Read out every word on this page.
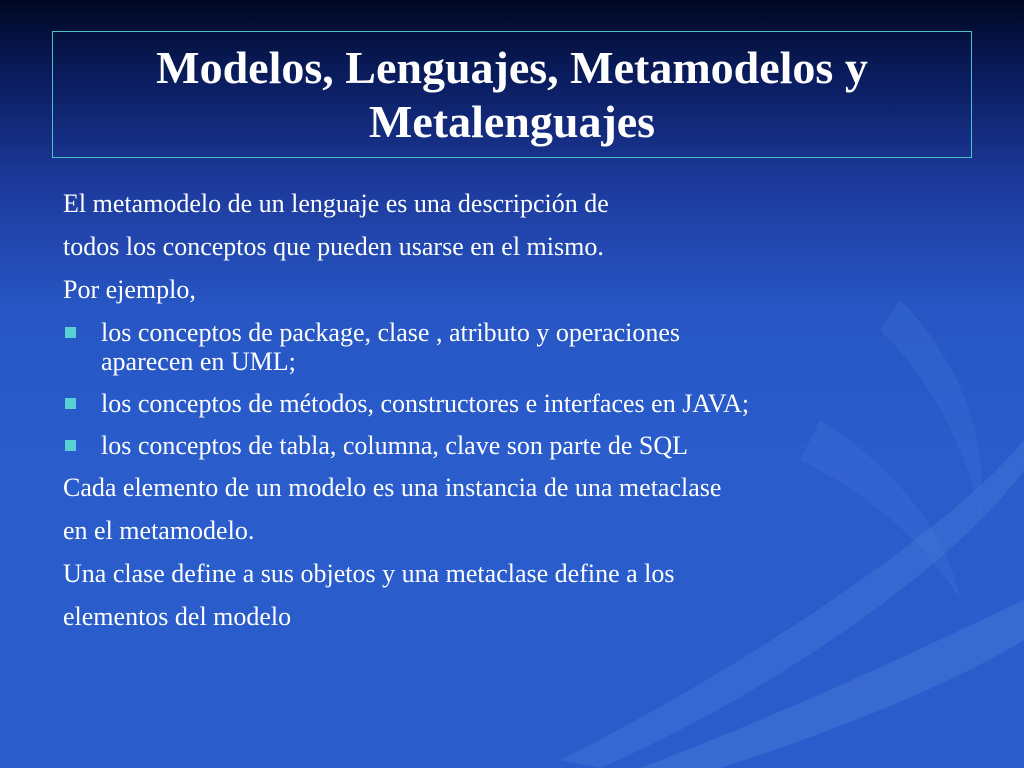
Modelos, Lenguajes, Metamodelos y
Metalenguajes
El metamodelo de un lenguaje es una descripción de
todos los conceptos que pueden usarse en el mismo.
Por ejemplo,
los conceptos de package, clase , atributo y operaciones
aparecen en UML;
los conceptos de métodos, constructores e interfaces en JAVA;
los conceptos de tabla, columna, clave son parte de SQL
Cada elemento de un modelo es una instancia de una metaclase
en el metamodelo.
Una clase define a sus objetos y una metaclase define a los
elementos del modelo
